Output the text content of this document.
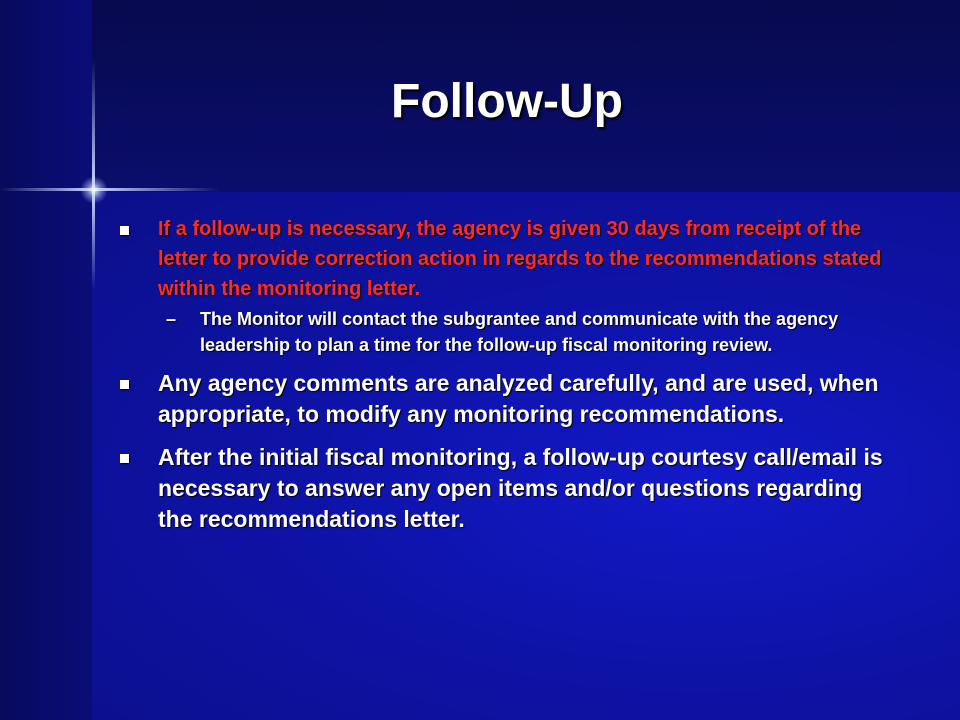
Follow-Up
If a follow-up is necessary, the agency is given 30 days from receipt of the letter to provide correction action in regards to the recommendations stated within the monitoring letter.
– The Monitor will contact the subgrantee and communicate with the agency leadership to plan a time for the follow-up fiscal monitoring review.
Any agency comments are analyzed carefully, and are used, when appropriate, to modify any monitoring recommendations.
After the initial fiscal monitoring, a follow-up courtesy call/email is necessary to answer any open items and/or questions regarding the recommendations letter.
